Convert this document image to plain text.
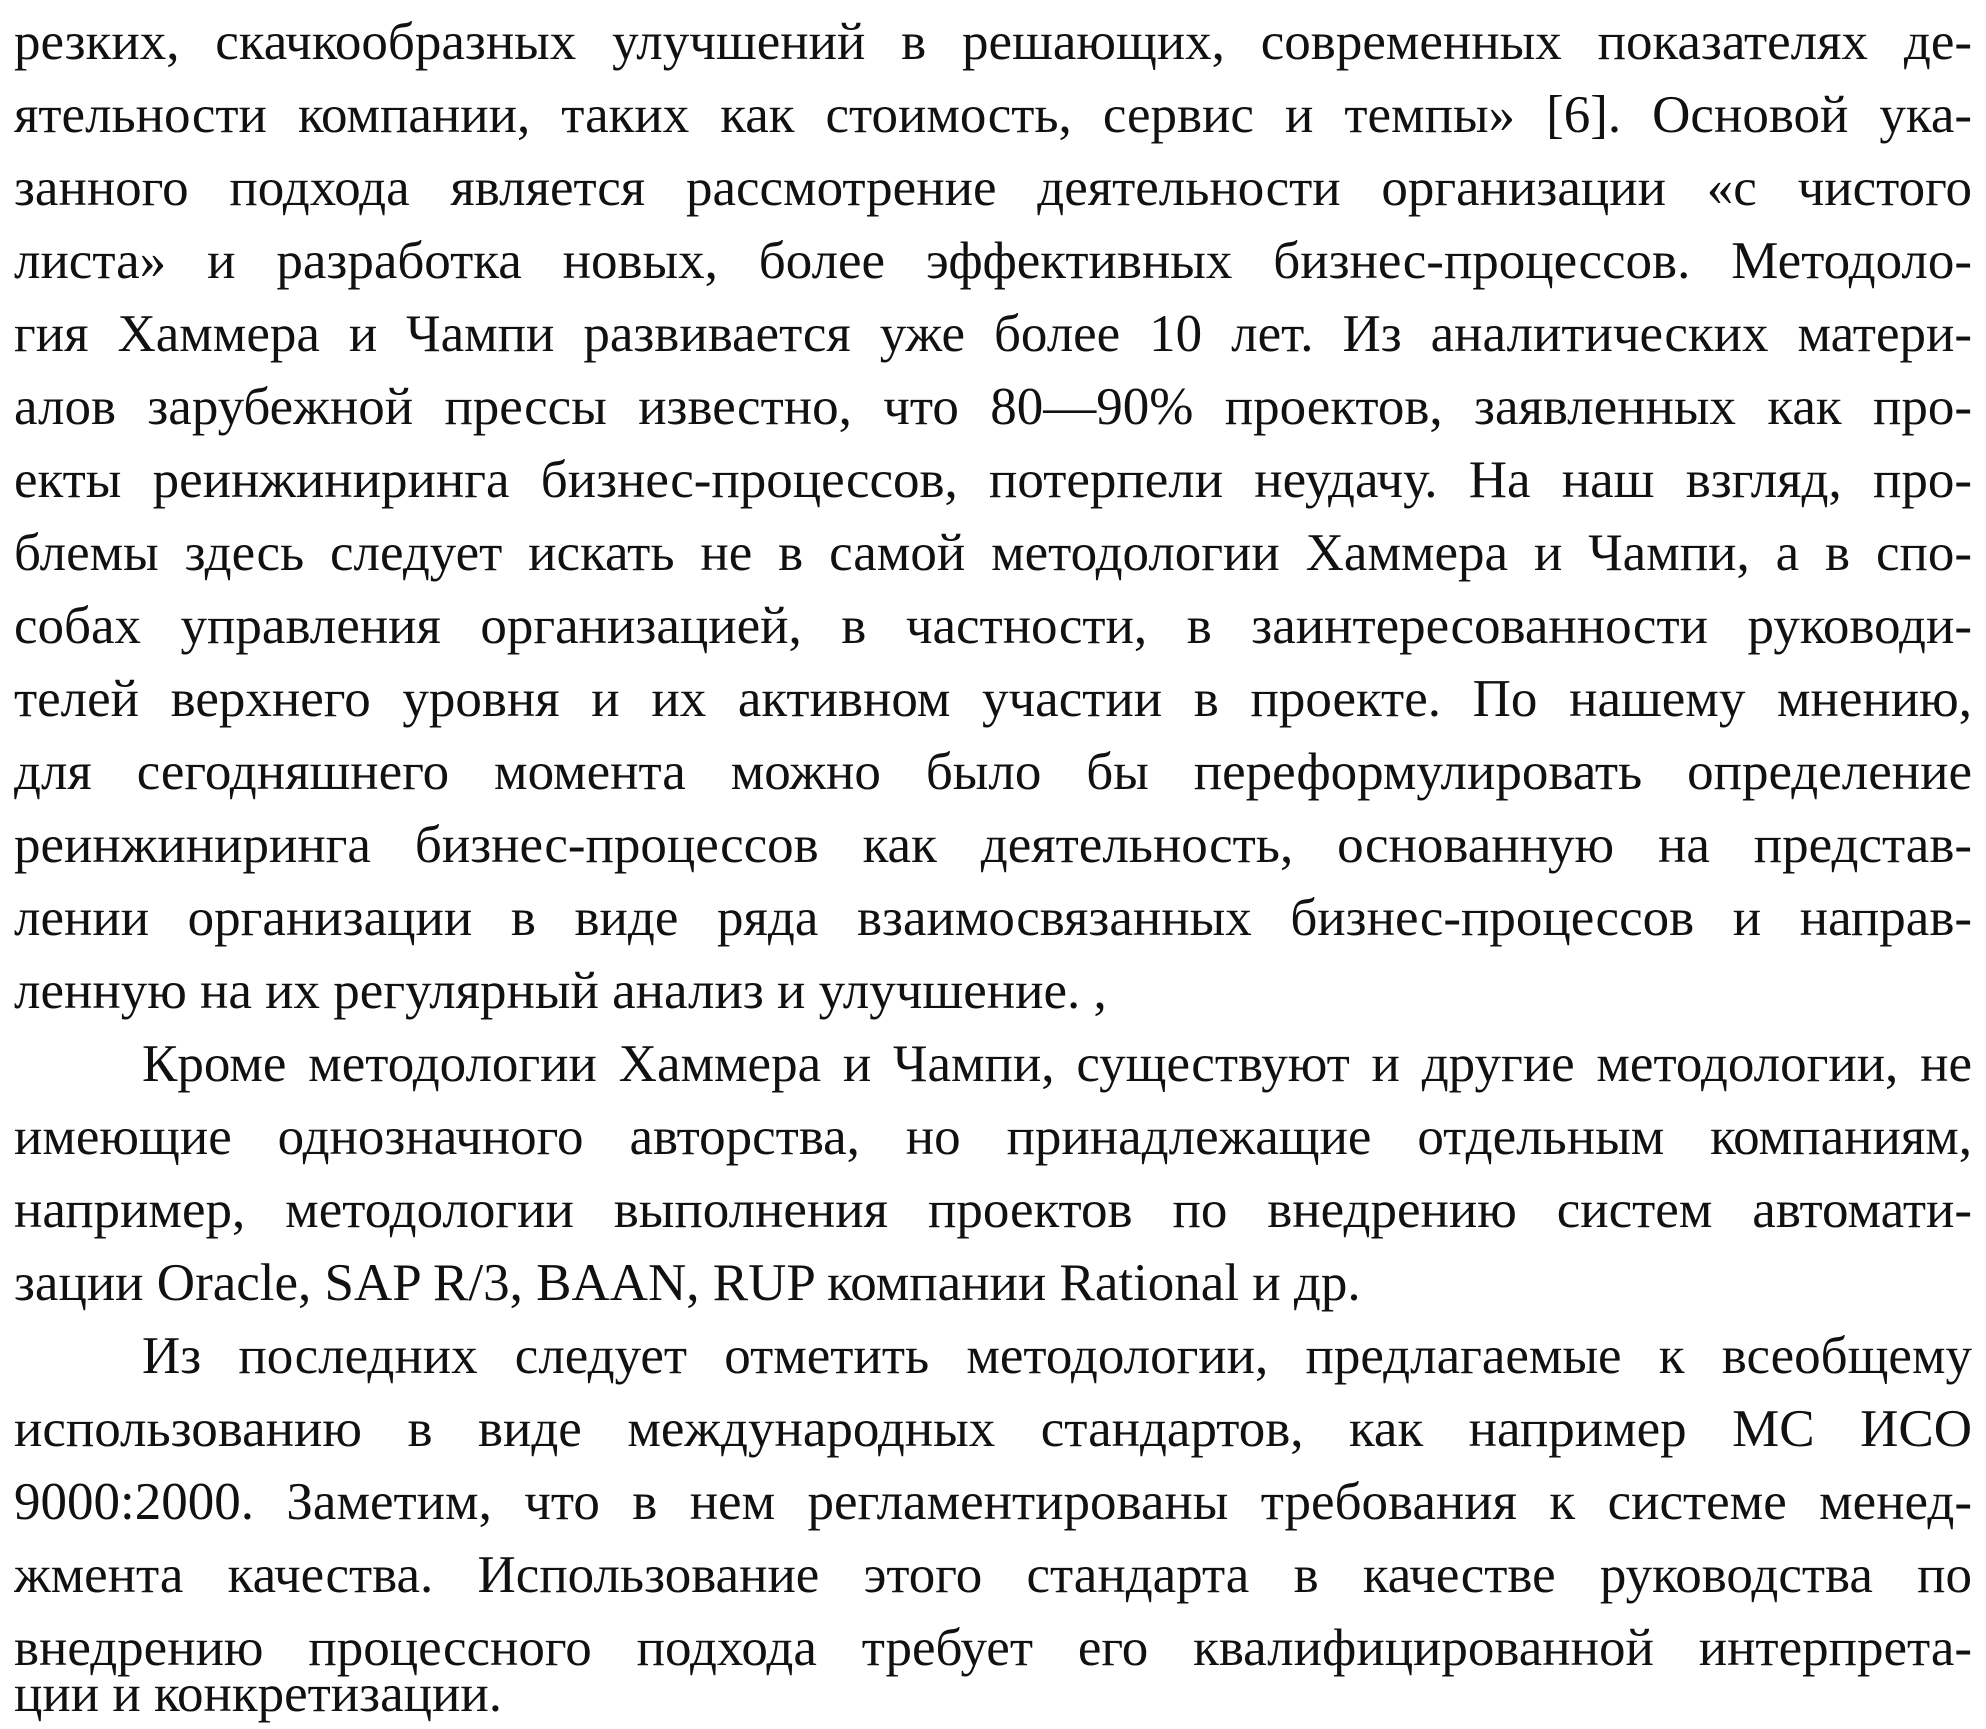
резких, скачкообразных улучшений в решающих, современных показателях де-
ятельности компании, таких как стоимость, сервис и темпы» [6]. Основой ука-
занного подхода является рассмотрение деятельности организации «с чистого
листа» и разработка новых, более эффективных бизнес-процессов. Методоло-
гия Хаммера и Чампи развивается уже более 10 лет. Из аналитических матери-
алов зарубежной прессы известно, что 80—90% проектов, заявленных как про-
екты реинжиниринга бизнес-процессов, потерпели неудачу. На наш взгляд, про-
блемы здесь следует искать не в самой методологии Хаммера и Чампи, а в спо-
собах управления организацией, в частности, в заинтересованности руководи-
телей верхнего уровня и их активном участии в проекте. По нашему мнению,
для сегодняшнего момента можно было бы переформулировать определение
реинжиниринга бизнес-процессов как деятельность, основанную на представ-
лении организации в виде ряда взаимосвязанных бизнес-процессов и направ-
ленную на их регулярный анализ и улучшение. ,
Кроме методологии Хаммера и Чампи, существуют и другие методологии, не
имеющие однозначного авторства, но принадлежащие отдельным компаниям,
например, методологии выполнения проектов по внедрению систем автомати-
зации Oracle, SAP R/3, BAAN, RUP компании Rational и др.
Из последних следует отметить методологии, предлагаемые к всеобщему
использованию в виде международных стандартов, как например МС ИСО
9000:2000. Заметим, что в нем регламентированы требования к системе менед-
жмента качества. Использование этого стандарта в качестве руководства по
внедрению процессного подхода требует его квалифицированной интерпрета-
ции и конкретизации.
